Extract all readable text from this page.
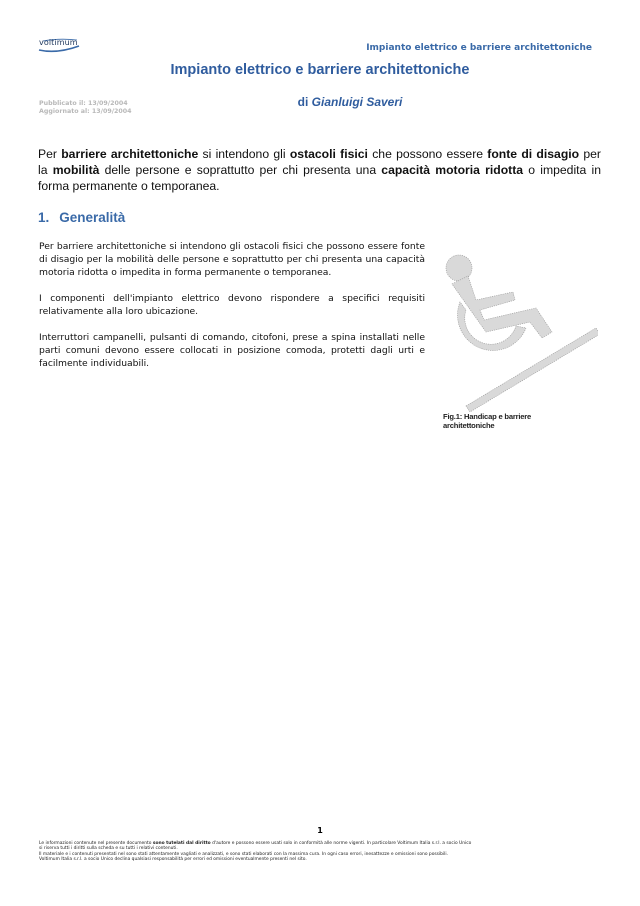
voltimum
Impianto elettrico e barriere architettoniche
Impianto elettrico e barriere architettoniche
Pubblicato il: 13/09/2004
Aggiornato al: 13/09/2004
di Gianluigi Saveri
Per barriere architettoniche si intendono gli ostacoli fisici che possono essere fonte di disagio per la mobilità delle persone e soprattutto per chi presenta una capacità motoria ridotta o impedita in forma permanente o temporanea.
1. Generalità
Per barriere architettoniche si intendono gli ostacoli fisici che possono essere fonte di disagio per la mobilità delle persone e soprattutto per chi presenta una capacità motoria ridotta o impedita in forma permanente o temporanea.
I componenti dell'impianto elettrico devono rispondere a specifici requisiti relativamente alla loro ubicazione.
Interruttori campanelli, pulsanti di comando, citofoni, prese a spina installati nelle parti comuni devono essere collocati in posizione comoda, protetti dagli urti e facilmente individuabili.
Fig.1: Handicap e barriere architettoniche
1
Le informazioni contenute nel presente documento sono tutelati dal diritto d'autore e possono essere usati solo in conformità alle norme vigenti. In particolare Voltimum Italia s.r.l. a socio Unico
si riserva tutti i diritti sulla scheda e su tutti i relativi contenuti.
Il materiale e i contenuti presentati nel sono stati attentamente vagliati e analizzati, e sono stati elaborati con la massima cura. In ogni caso errori, inesattezze e omissioni sono possibili.
Voltimum Italia s.r.l. a socio Unico declina qualsiasi responsabilità per errori ed omissioni eventualmente presenti nel sito.
